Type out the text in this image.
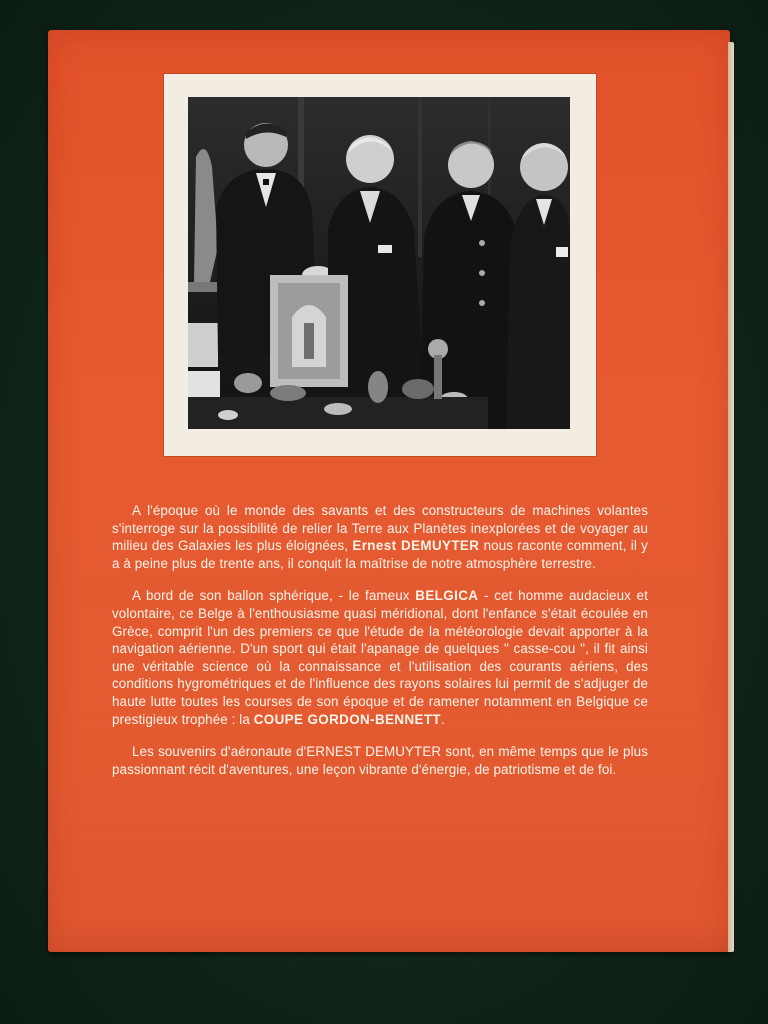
A l'époque où le monde des savants et des constructeurs de machines volantes s'interroge sur la possibilité de relier la Terre aux Planètes inexplorées et de voyager au milieu des Galaxies les plus éloignées, Ernest DEMUYTER nous raconte comment, il y a à peine plus de trente ans, il conquit la maîtrise de notre atmosphère terrestre.

A bord de son ballon sphérique, - le fameux BELGICA - cet homme audacieux et volontaire, ce Belge à l'enthousiasme quasi méridional, dont l'enfance s'était écoulée en Grèce, comprit l'un des premiers ce que l'étude de la météorologie devait apporter à la navigation aérienne. D'un sport qui était l'apanage de quelques " casse-cou ", il fit ainsi une véritable science où la connaissance et l'utilisation des courants aériens, des conditions hygrométriques et de l'influence des rayons solaires lui permit de s'adjuger de haute lutte toutes les courses de son époque et de ramener notamment en Belgique ce prestigieux trophée : la COUPE GORDON-BENNETT.

Les souvenirs d'aéronaute d'ERNEST DEMUYTER sont, en même temps que le plus passionnant récit d'aventures, une leçon vibrante d'énergie, de patriotisme et de foi.
